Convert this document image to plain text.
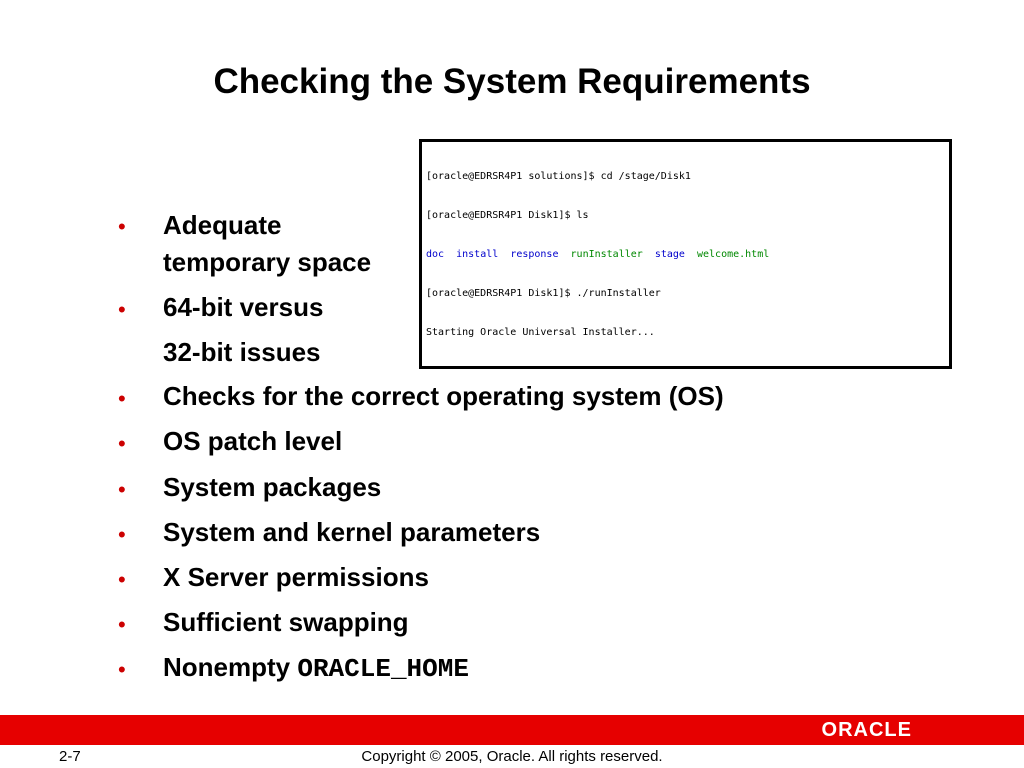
Checking the System Requirements

[oracle@EDRSR4P1 solutions]$ cd /stage/Disk1

[oracle@EDRSR4P1 Disk1]$ ls

doc install response runInstaller stage welcome.html

[oracle@EDRSR4P1 Disk1]$ ./runInstaller

Starting Oracle Universal Installer...

• Adequate
temporary space
• 64-bit versus
32-bit issues
• Checks for the correct operating system (OS)
• OS patch level
• System packages
• System and kernel parameters
• X Server permissions
• Sufficient swapping
• Nonempty ORACLE_HOME
ORACLE
2-7	Copyright © 2005, Oracle. All rights reserved.
